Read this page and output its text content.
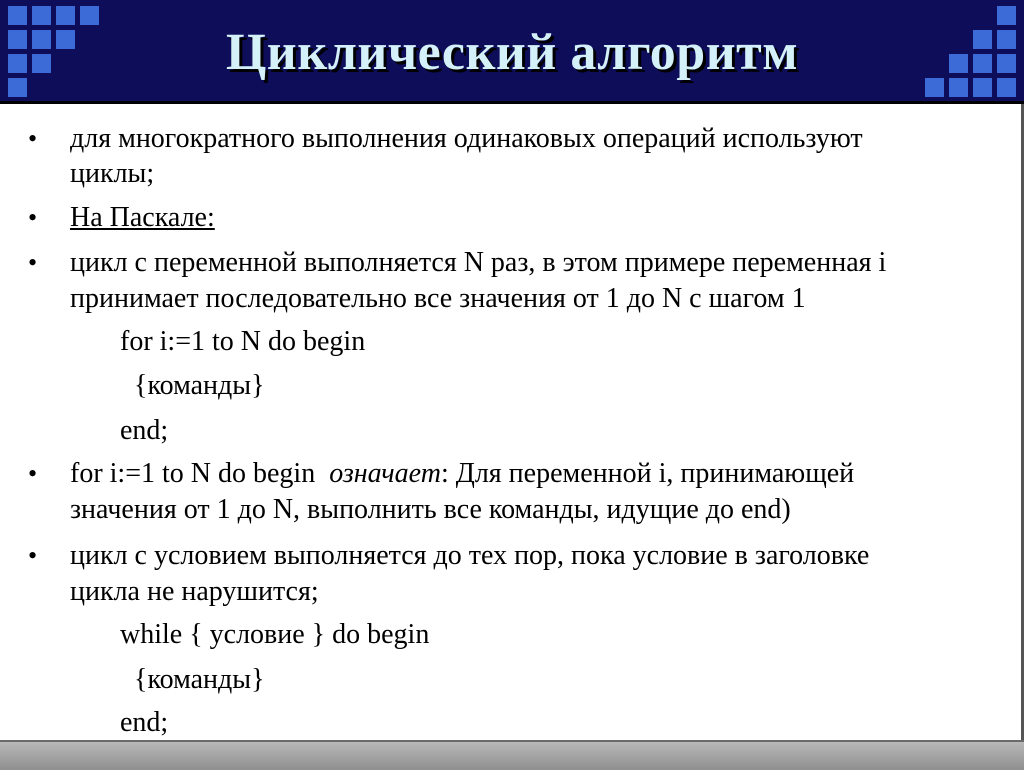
Циклический алгоритм
• для многократного выполнения одинаковых операций используют
циклы;
• На Паскале:
• цикл с переменной выполняется N раз, в этом примере переменная i
принимает последовательно все значения от 1 до N с шагом 1
for i:=1 to N do begin
{команды}
end;
• for i:=1 to N do begin означает: Для переменной i, принимающей
значения от 1 до N, выполнить все команды, идущие до end)
• цикл с условием выполняется до тех пор, пока условие в заголовке
цикла не нарушится;
while { условие } do begin
{команды}
end;
